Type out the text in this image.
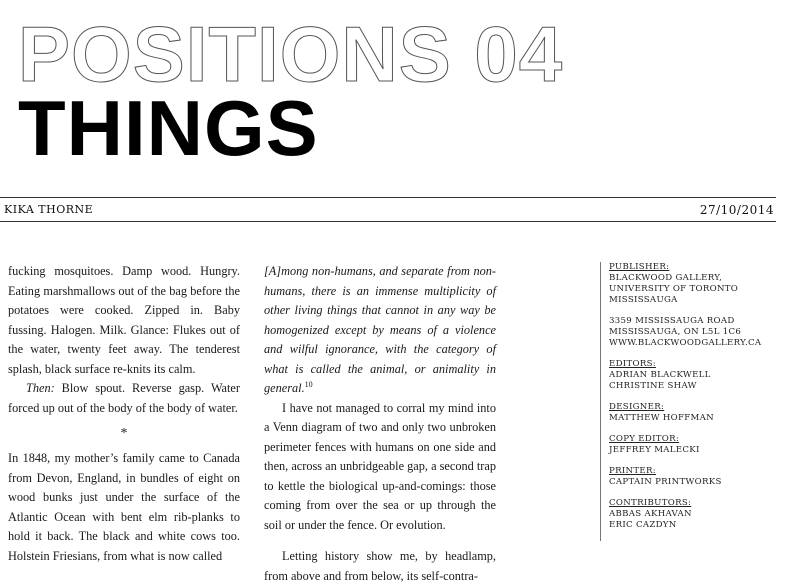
POSITIONS 04
THINGS
KIKA THORNE	27/10/2014

fucking mosquitoes. Damp wood. Hungry. Eating marshmallows out of the bag before the potatoes were cooked. Zipped in. Baby fussing. Halogen. Milk. Glance: Flukes out of the water, twenty feet away. The tenderest splash, black surface re-knits its calm.

Then: Blow spout. Reverse gasp. Water forced up out of the body of the body of water.

*

In 1848, my mother’s family came to Canada from Devon, England, in bundles of eight on wood bunks just under the surface of the Atlantic Ocean with bent elm rib-planks to hold it back. The black and white cows too. Holstein Friesians, from what is now called

[A]mong non-humans, and separate from non-humans, there is an immense multiplicity of other living things that cannot in any way be homogenized except by means of a violence and wilful ignorance, with the category of what is called the animal, or animality in general.$^{10}$

I have not managed to corral my mind into a Venn diagram of two and only two unbroken perimeter fences with humans on one side and then, across an unbridgeable gap, a second trap to kettle the biological up-and-comings: those coming from over the sea or up through the soil or under the fence. Or evolution.

Letting history show me, by headlamp, from above and from below, its self-contra-

PUBLISHER:
BLACKWOOD GALLERY,
UNIVERSITY OF TORONTO
MISSISSAUGA
3359 MISSISSAUGA ROAD
MISSISSAUGA, ON L5L 1C6
WWW.BLACKWOODGALLERY.CA
EDITORS:
ADRIAN BLACKWELL
CHRISTINE SHAW
DESIGNER:
MATTHEW HOFFMAN
COPY EDITOR:
JEFFREY MALECKI
PRINTER:
CAPTAIN PRINTWORKS
CONTRIBUTORS:
ABBAS AKHAVAN
ERIC CAZDYN
